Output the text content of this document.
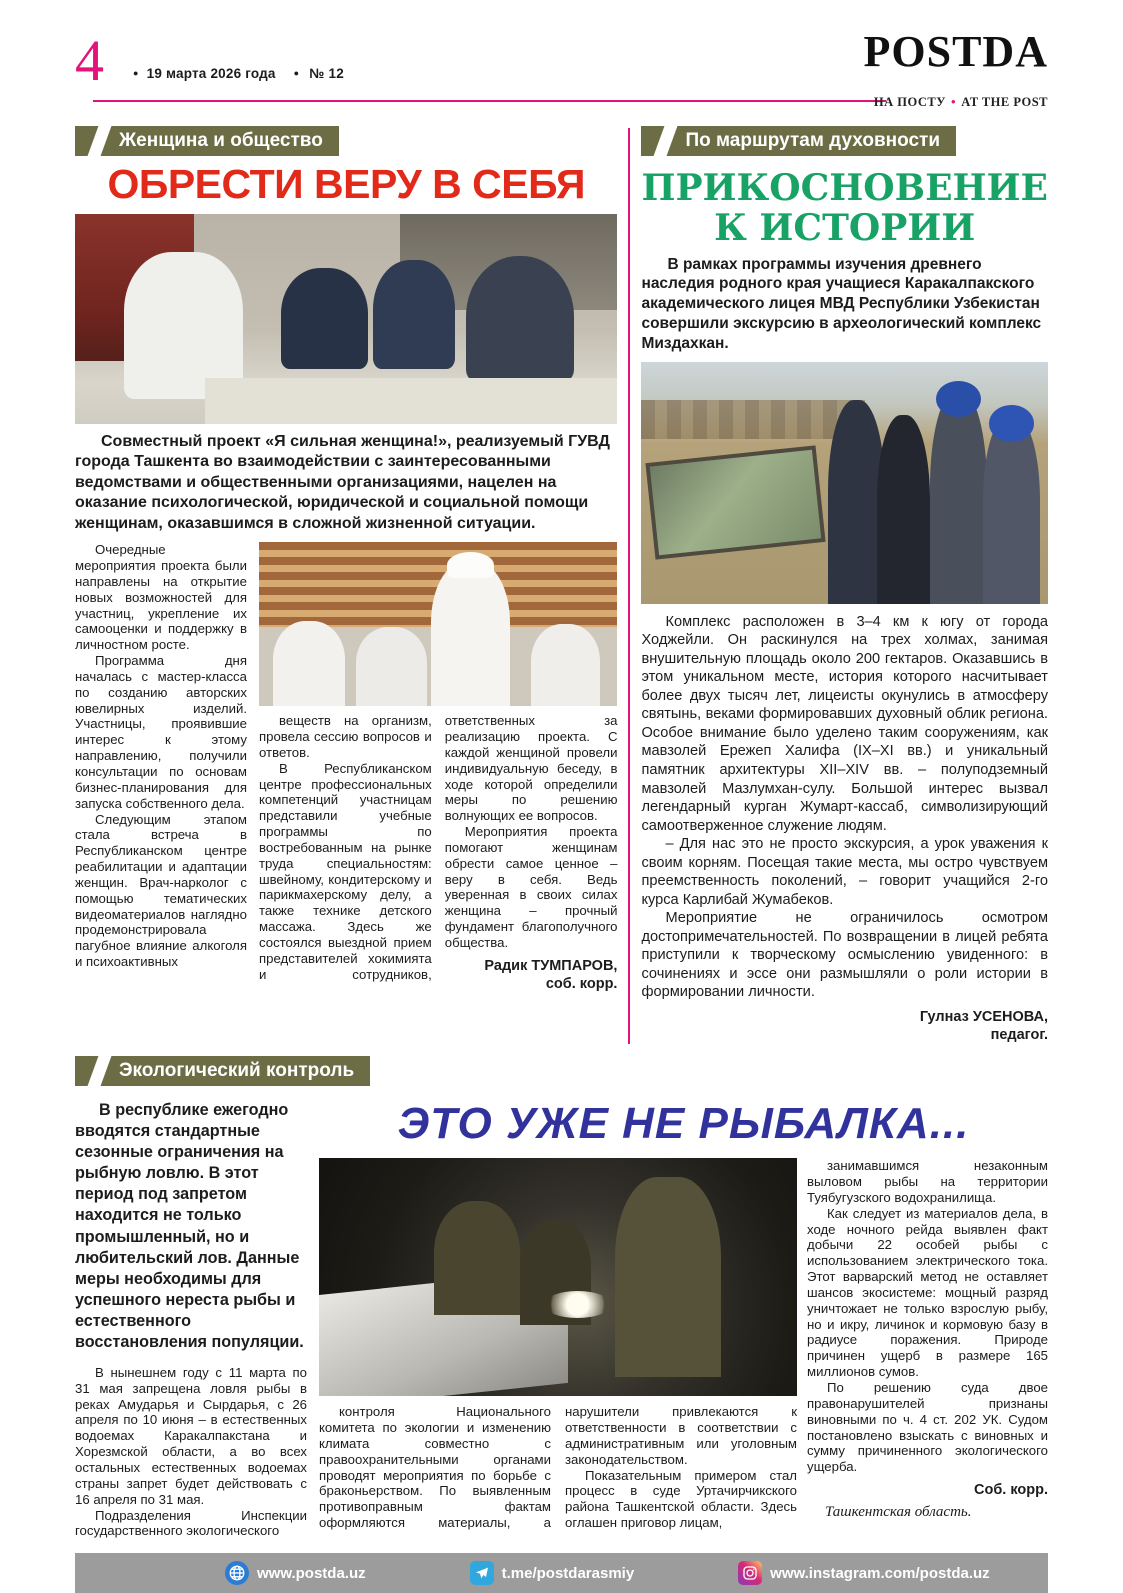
4 ●	19 марта 2026 года ● № 12	POSTDA
НА ПОСТУ ● AT THE POST
Женщина и общество
ОБРЕСТИ ВЕРУ В СЕБЯ
Совместный проект «Я сильная женщина!», реализуемый ГУВД города Ташкента во взаимодействии с заинтересованными ведомствами и общественными организациями, нацелен на оказание психологической, юридической и социальной помощи женщинам, оказавшимся в сложной жизненной ситуации.

Очередные мероприятия проекта были направлены на открытие новых возможностей для участниц, укрепление их самооценки и поддержку в личностном росте.

Программа дня началась с мастер-класса по созданию авторских ювелирных изделий. Участницы, проявившие интерес к этому направлению, получили консультации по основам бизнес-планирования для запуска собственного дела.

Следующим этапом стала встреча в Республиканском центре реабилитации и адаптации женщин. Врач-нарколог с помощью тематических видеоматериалов наглядно продемонстрировала пагубное влияние алкоголя и психоактивных

веществ на организм, провела сессию вопросов и ответов.

В Республиканском центре профессиональных компетенций участницам представили учебные программы по востребованным на рынке труда специальностям: швейному, кондитерскому и парикмахерскому делу, а также технике детского массажа. Здесь же состоялся выездной прием представителей хокимията и сотрудников, ответственных за реализацию проекта. С каждой женщиной провели индивидуальную беседу, в ходе которой определили меры по решению волнующих ее вопросов.

Мероприятия проекта помогают женщинам обрести самое ценное – веру в себя. Ведь уверенная в своих силах женщина – прочный фундамент благополучного общества.

Радик ТУМПАРОВ,
соб. корр.
По маршрутам духовности
ПРИКОСНОВЕНИЕ
К ИСТОРИИ
В рамках программы изучения древнего наследия родного края учащиеся Каракалпакского академического лицея МВД Республики Узбекистан совершили экскурсию в археологический комплекс Миздахкан.

Комплекс расположен в 3–4 км к югу от города Ходжейли. Он раскинулся на трех холмах, занимая внушительную площадь около 200 гектаров. Оказавшись в этом уникальном месте, история которого насчитывает более двух тысяч лет, лицеисты окунулись в атмосферу святынь, веками формировавших духовный облик региона. Особое внимание было уделено таким сооружениям, как мавзолей Ережеп Халифа (IX–XI вв.) и уникальный памятник архитектуры XII–XIV вв. – полуподземный мавзолей Мазлумхан-сулу. Большой интерес вызвал легендарный курган Жумарт-кассаб, символизирующий самоотверженное служение людям.

– Для нас это не просто экскурсия, а урок уважения к своим корням. Посещая такие места, мы остро чувствуем преемственность поколений, – говорит учащийся 2-го курса Карлибай Жумабеков.

Мероприятие не ограничилось осмотром достопримечательностей. По возвращении в лицей ребята приступили к творческому осмыслению увиденного: в сочинениях и эссе они размышляли о роли истории в формировании личности.

Гулназ УСЕНОВА,
педагог.
Экологический контроль
В республике ежегодно вводятся стандартные сезонные ограничения на рыбную ловлю. В этот период под запретом находится не только промышленный, но и любительский лов. Данные меры необходимы для успешного нереста рыбы и естественного восстановления популяции.

В нынешнем году с 11 марта по 31 мая запрещена ловля рыбы в реках Амударья и Сырдарья, с 26 апреля по 10 июня – в естественных водоемах Каракалпакстана и Хорезмской области, а во всех остальных естественных водоемах страны запрет будет действовать с 16 апреля по 31 мая.

Подразделения Инспекции государственного экологического

ЭТО УЖЕ НЕ РЫБАЛКА...

контроля Национального комитета по экологии и изменению климата совместно с правоохранительными органами проводят мероприятия по борьбе с браконьерством. По выявленным противоправным фактам оформляются материалы, а нарушители привлекаются к ответственности в соответствии с административным или уголовным законодательством.

Показательным примером стал процесс в суде Уртачирчикского района Ташкентской области. Здесь оглашен приговор лицам,

занимавшимся незаконным выловом рыбы на территории Туябугузского водохранилища.

Как следует из материалов дела, в ходе ночного рейда выявлен факт добычи 22 особей рыбы с использованием электрического тока. Этот варварский метод не оставляет шансов экосистеме: мощный разряд уничтожает не только взрослую рыбу, но и икру, личинок и кормовую базу в радиусе поражения. Природе причинен ущерб в размере 165 миллионов сумов.

По решению суда двое правонарушителей признаны виновными по ч. 4 ст. 202 УК. Судом постановлено взыскать с виновных и сумму причиненного экологического ущерба.

Соб. корр.
Ташкентская область.
www.postda.uz	t.me/postdarasmiy	www.instagram.com/postda.uz
